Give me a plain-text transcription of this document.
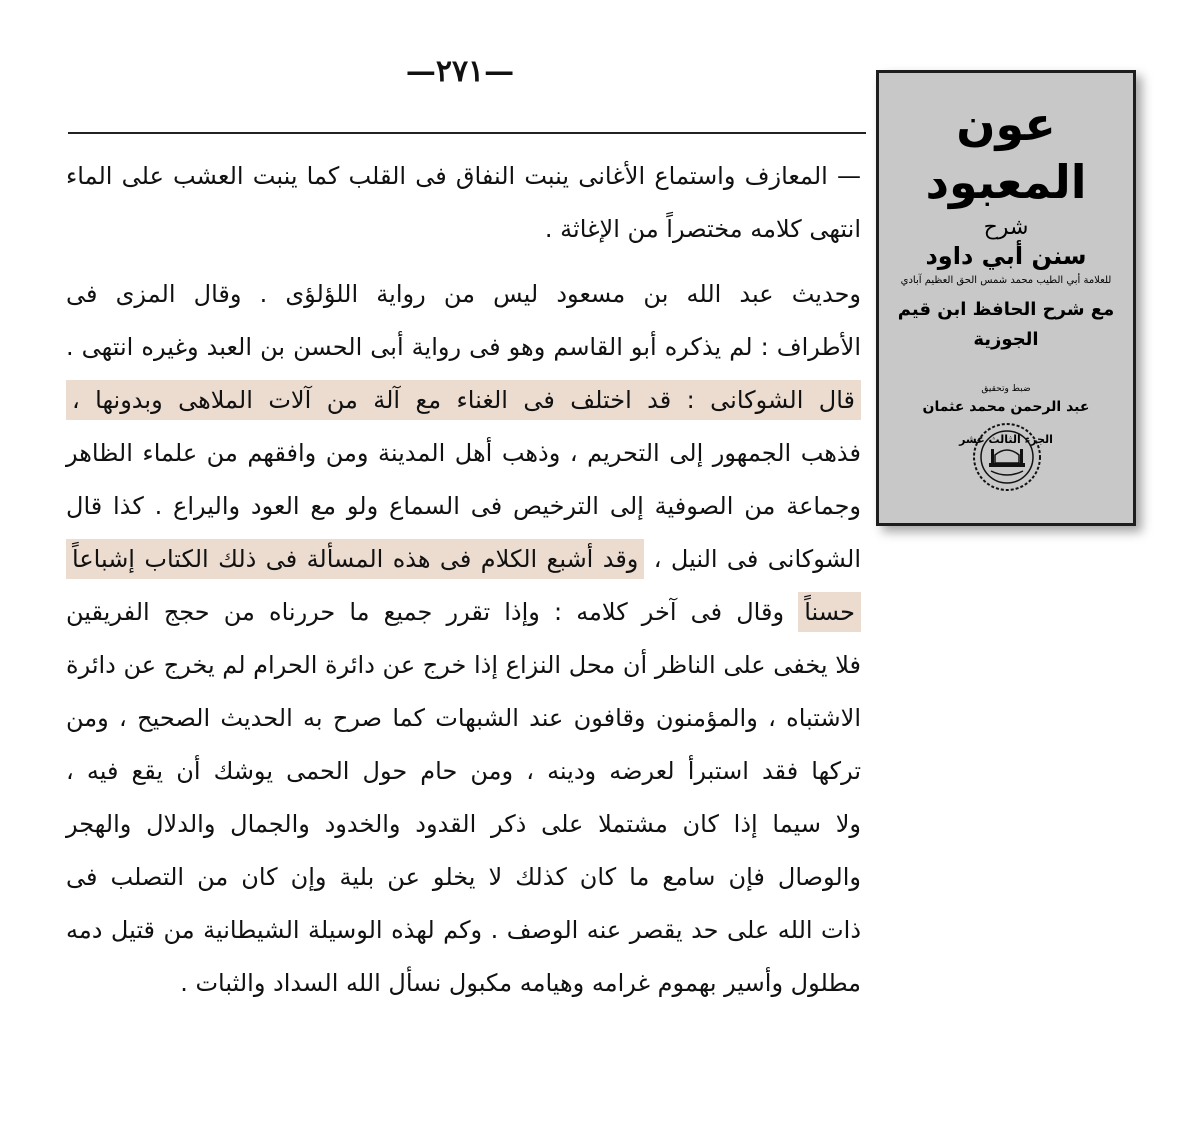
—۲۷۱—
— المعازف واستماع الأغانى ينبت النفاق فى القلب كما ينبت العشب على الماء
انتهى كلامه مختصراً من الإغاثة .
وحديث عبد الله بن مسعود ليس من رواية اللؤلؤى . وقال المزى فى
الأطراف : لم يذكره أبو القاسم وهو فى رواية أبى الحسن بن العبد وغيره انتهى .
قال الشوكانى : قد اختلف فى الغناء مع آلة من آلات الملاهى وبدونها ،
فذهب الجمهور إلى التحريم ، وذهب أهل المدينة ومن وافقهم من علماء الظاهر
وجماعة من الصوفية إلى الترخيص فى السماع ولو مع العود واليراع . كذا قال
الشوكانى فى النيل ، وقد أشبع الكلام فى هذه المسألة فى ذلك الكتاب إشباعاً
حسناً وقال فى آخر كلامه : وإذا تقرر جميع ما حررناه من حجج الفريقين
فلا يخفى على الناظر أن محل النزاع إذا خرج عن دائرة الحرام لم يخرج عن دائرة
الاشتباه ، والمؤمنون وقافون عند الشبهات كما صرح به الحديث الصحيح ، ومن
تركها فقد استبرأ لعرضه ودينه ، ومن حام حول الحمى يوشك أن يقع فيه ،
ولا سيما إذا كان مشتملا على ذكر القدود والخدود والجمال والدلال والهجر
والوصال فإن سامع ما كان كذلك لا يخلو عن بلية وإن كان من التصلب فى
ذات الله على حد يقصر عنه الوصف . وكم لهذه الوسيلة الشيطانية من قتيل دمه
مطلول وأسير بهموم غرامه وهيامه مكبول نسأل الله السداد والثبات .
عون المعبود
شرح
سنن أبي داود
للعلامة أبي الطيب محمد شمس الحق العظيم آبادي
مع شرح الحافظ ابن قيم الجوزية
ضبط وتحقيق
عبد الرحمن محمد عثمان
الجزء الثالث عشر
